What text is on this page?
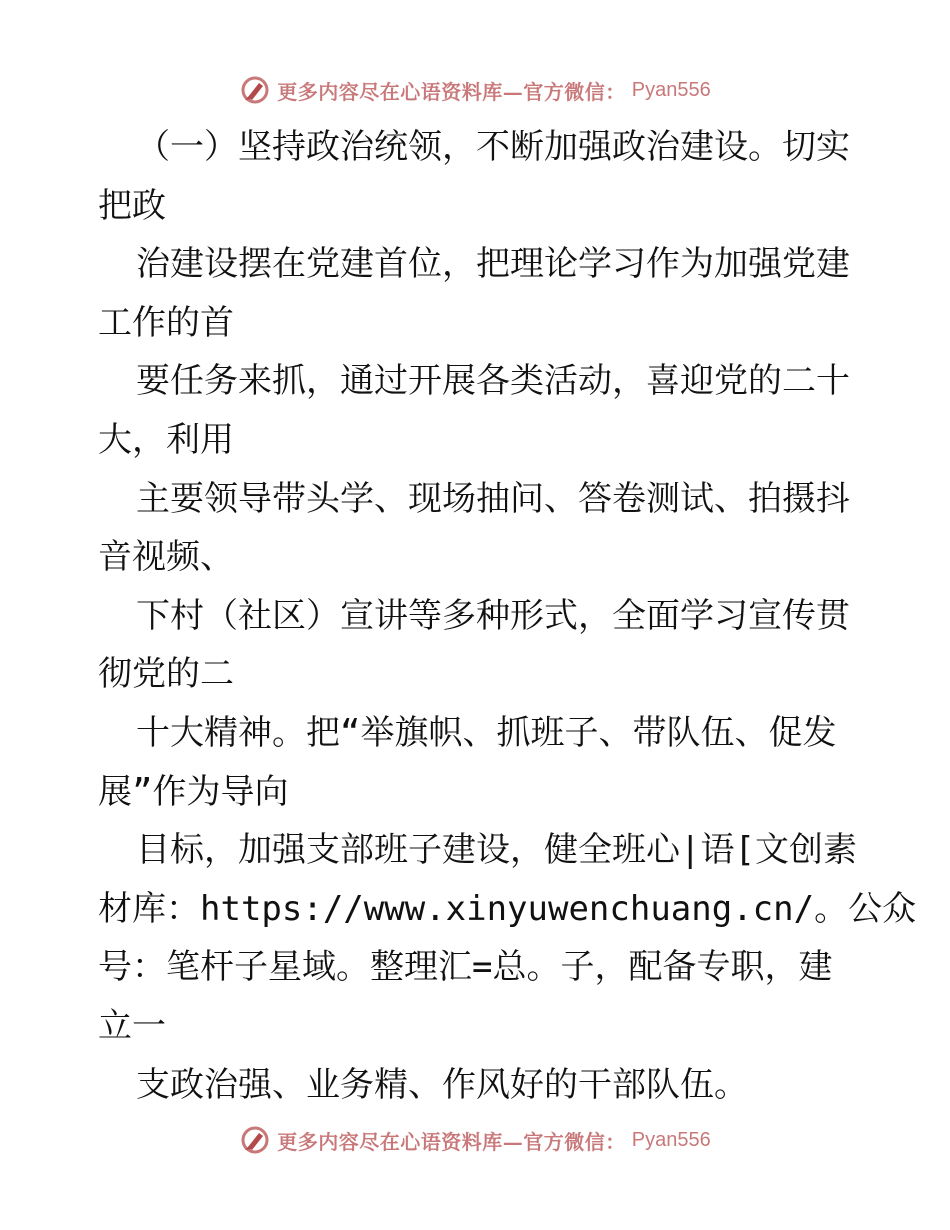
更多内容尽在心语资料库—官方微信： Pyan556
（一）坚持政治统领，不断加强政治建设。切实
把政
治建设摆在党建首位，把理论学习作为加强党建
工作的首
要任务来抓，通过开展各类活动，喜迎党的二十
大，利用
主要领导带头学、现场抽问、答卷测试、拍摄抖
音视频、
下村（社区）宣讲等多种形式，全面学习宣传贯
彻党的二
十大精神。把“举旗帜、抓班子、带队伍、促发
展”作为导向
目标，加强支部班子建设，健全班心|语[文创素
材库：https://www.xinyuwenchuang.cn/。公众
号：笔杆子星域。整理汇=总。子，配备专职，建
立一
支政治强、业务精、作风好的干部队伍。
更多内容尽在心语资料库—官方微信： Pyan556
